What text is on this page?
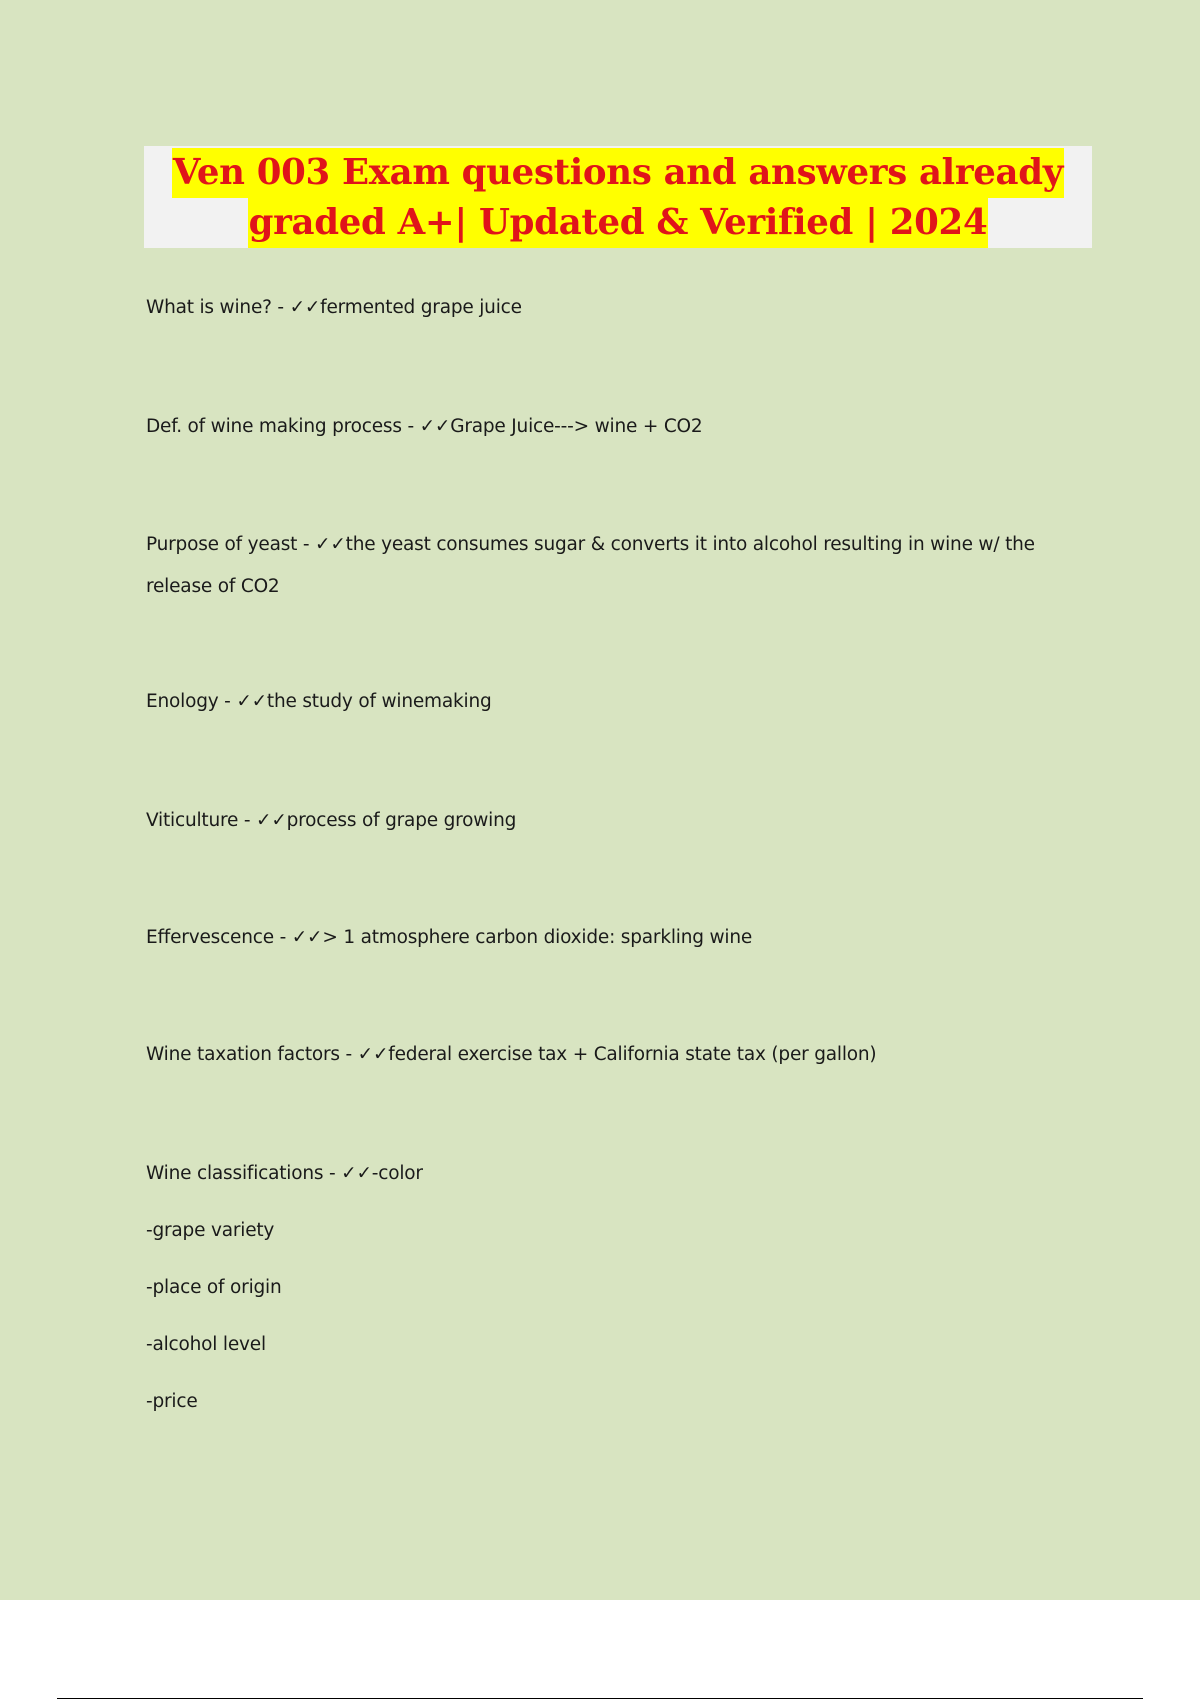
Ven 003 Exam questions and answers already
graded A+| Updated & Verified | 2024
What is wine? - ✓✓fermented grape juice
Def. of wine making process - ✓✓Grape Juice---> wine + CO2
Purpose of yeast - ✓✓the yeast consumes sugar & converts it into alcohol resulting in wine w/ the
release of CO2
Enology - ✓✓the study of winemaking
Viticulture - ✓✓process of grape growing
Effervescence - ✓✓> 1 atmosphere carbon dioxide: sparkling wine
Wine taxation factors - ✓✓federal exercise tax + California state tax (per gallon)
Wine classifications - ✓✓-color
-grape variety
-place of origin
-alcohol level
-price
